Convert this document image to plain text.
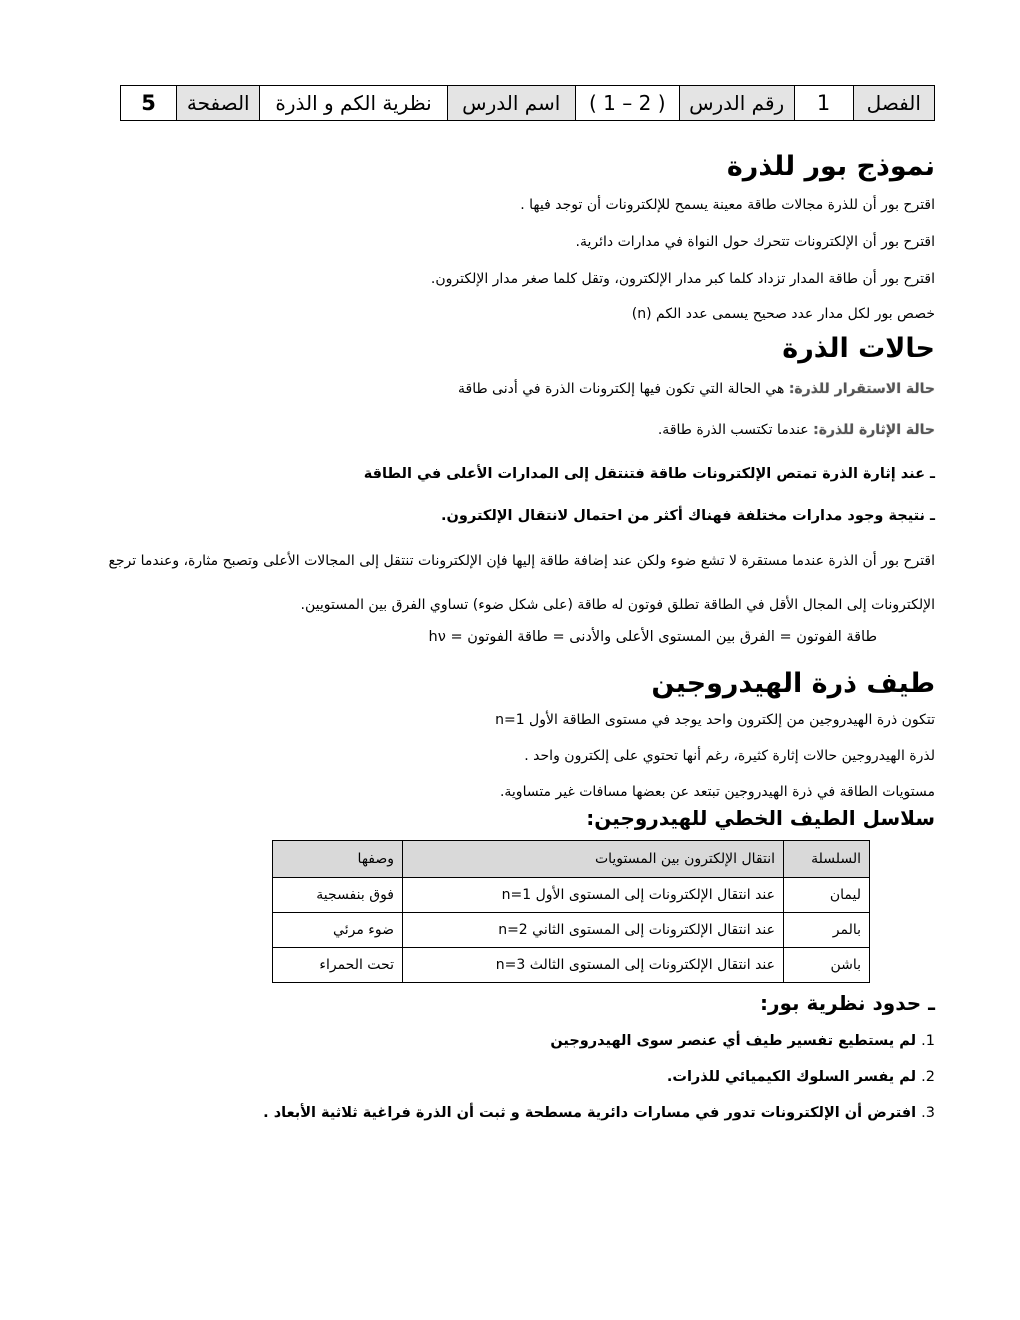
الفصل	1	رقم الدرس	( 2 – 1 )	اسم الدرس	نظرية الكم و الذرة	الصفحة	5
نموذج بور للذرة

اقترح بور أن للذرة مجالات طاقة معينة يسمح للإلكترونات أن توجد فيها .

اقترح بور أن الإلكترونات تتحرك حول النواة في مدارات دائرية.

اقترح بور أن طاقة المدار تزداد كلما كبر مدار الإلكترون، وتقل كلما صغر مدار الإلكترون.

خصص بور لكل مدار عدد صحيح يسمى عدد الكم (n)

حالات الذرة

حالة الاستقرار للذرة: هي الحالة التي تكون فيها إلكترونات الذرة في أدنى طاقة

حالة الإثارة للذرة: عندما تكتسب الذرة طاقة.

ـ عند إثارة الذرة تمتص الإلكترونات طاقة فتنتقل إلى المدارات الأعلى في الطاقة

ـ نتيجة وجود مدارات مختلفة فهناك أكثر من احتمال لانتقال الإلكترون.

اقترح بور أن الذرة عندما مستقرة لا تشع ضوء ولكن عند إضافة طاقة إليها فإن الإلكترونات تنتقل إلى المجالات الأعلى وتصبح مثارة، وعندما ترجع الإلكترونات إلى المجال الأقل في الطاقة تطلق فوتون له طاقة (على شكل ضوء) تساوي الفرق بين المستويين.

طاقة الفوتون = الفرق بين المستوى الأعلى والأدنى = طاقة الفوتون = hν

طيف ذرة الهيدروجين

تتكون ذرة الهيدروجين من إلكترون واحد يوجد في مستوى الطاقة الأول n=1

لذرة الهيدروجين حالات إثارة كثيرة، رغم أنها تحتوي على إلكترون واحد .

مستويات الطاقة في ذرة الهيدروجين تبتعد عن بعضها مسافات غير متساوية.

سلاسل الطيف الخطي للهيدروجين:

السلسلة	انتقال الإلكترون بين المستويات	وصفها
ليمان	عند انتقال الإلكترونات إلى المستوى الأول n=1	فوق بنفسجية
بالمر	عند انتقال الإلكترونات إلى المستوى الثاني n=2	ضوء مرئي
باشن	عند انتقال الإلكترونات إلى المستوى الثالث n=3	تحت الحمراء

ـ حدود نظرية بور:

1. لم يستطيع تفسير طيف أي عنصر سوى الهيدروجين
2. لم يفسر السلوك الكيميائي للذرات.
3. افترض أن الإلكترونات تدور في مسارات دائرية مسطحة و ثبت أن الذرة فراغية ثلاثية الأبعاد .
